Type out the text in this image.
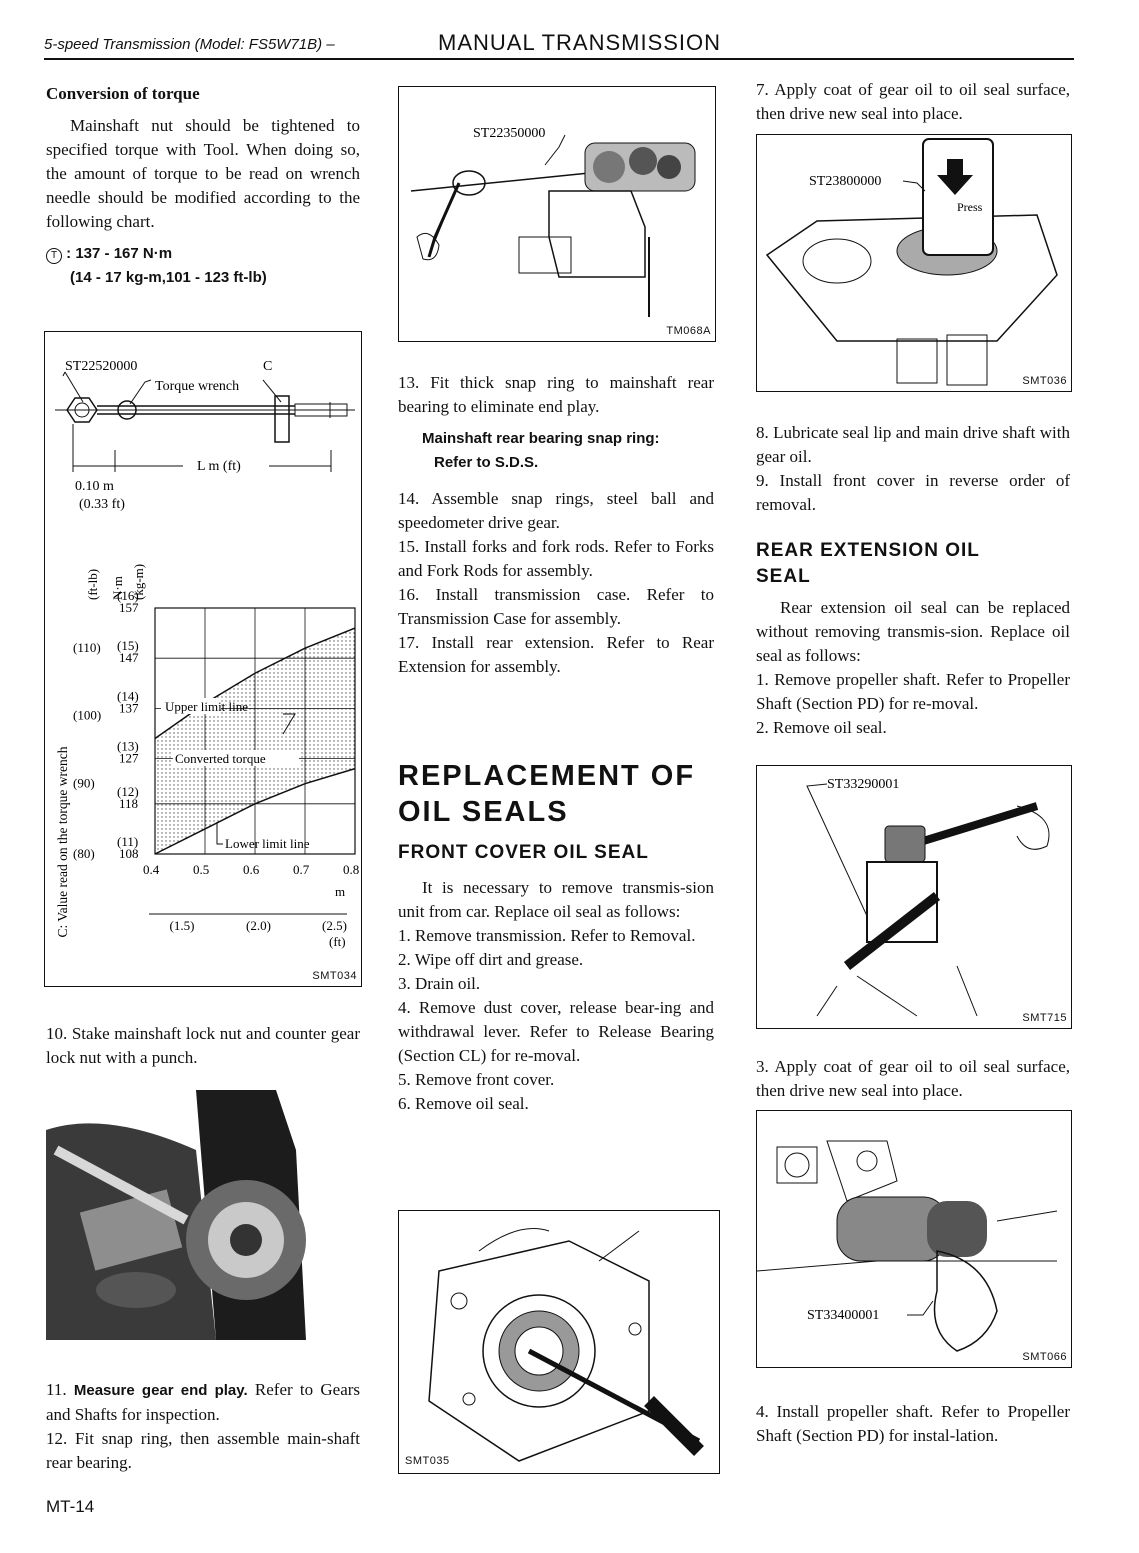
5-speed Transmission (Model: FS5W71B) –	MANUAL TRANSMISSION

Conversion of torque

Mainshaft nut should be tightened to specified torque with Tool. When doing so, the amount of torque to be read on wrench needle should be modified according to the following chart.

T : 137 - 167 N·m
(14 - 17 kg-m,101 - 123 ft-lb)
ST22520000	C
Torque wrench
L m (ft)
0.10 m
(0.33 ft)
(ft-lb) N·m (kg-m)
C: Value read on the torque wrench
157
(16)
147
(15)
137
(14)
127
(13)
118
(12)
108
(11)
(110)
(100)
(90)
(80)
0.4	0.5	0.6	0.7	0.8
(1.5)	(2.0)	(2.5)
Upper limit line
Converted torque
Lower limit line
m
(ft)
SMT034

10. Stake mainshaft lock nut and counter gear lock nut with a punch.

11. Measure gear end play. Refer to Gears and Shafts for inspection.

12. Fit snap ring, then assemble main-shaft rear bearing.

ST22350000
TM068A

13. Fit thick snap ring to mainshaft rear bearing to eliminate end play.

Mainshaft rear bearing snap ring:
Refer to S.D.S.

14. Assemble snap rings, steel ball and speedometer drive gear.

15. Install forks and fork rods. Refer to Forks and Fork Rods for assembly.

16. Install transmission case. Refer to Transmission Case for assembly.

17. Install rear extension. Refer to Rear Extension for assembly.

REPLACEMENT OF
OIL SEALS
FRONT COVER OIL SEAL

It is necessary to remove transmis-sion unit from car. Replace oil seal as follows:

1. Remove transmission. Refer to Removal.

2. Wipe off dirt and grease.

3. Drain oil.

4. Remove dust cover, release bear-ing and withdrawal lever. Refer to Release Bearing (Section CL) for re-moval.

5. Remove front cover.

6. Remove oil seal.

SMT035

7. Apply coat of gear oil to oil seal surface, then drive new seal into place.

Press
ST23800000
SMT036

8. Lubricate seal lip and main drive shaft with gear oil.

9. Install front cover in reverse order of removal.

REAR EXTENSION OIL
SEAL

Rear extension oil seal can be replaced without removing transmis-sion. Replace oil seal as follows:

1. Remove propeller shaft. Refer to Propeller Shaft (Section PD) for re-moval.

2. Remove oil seal.

ST33290001
SMT715

3. Apply coat of gear oil to oil seal surface, then drive new seal into place.

ST33400001
SMT066

4. Install propeller shaft. Refer to Propeller Shaft (Section PD) for instal-lation.

MT-14
